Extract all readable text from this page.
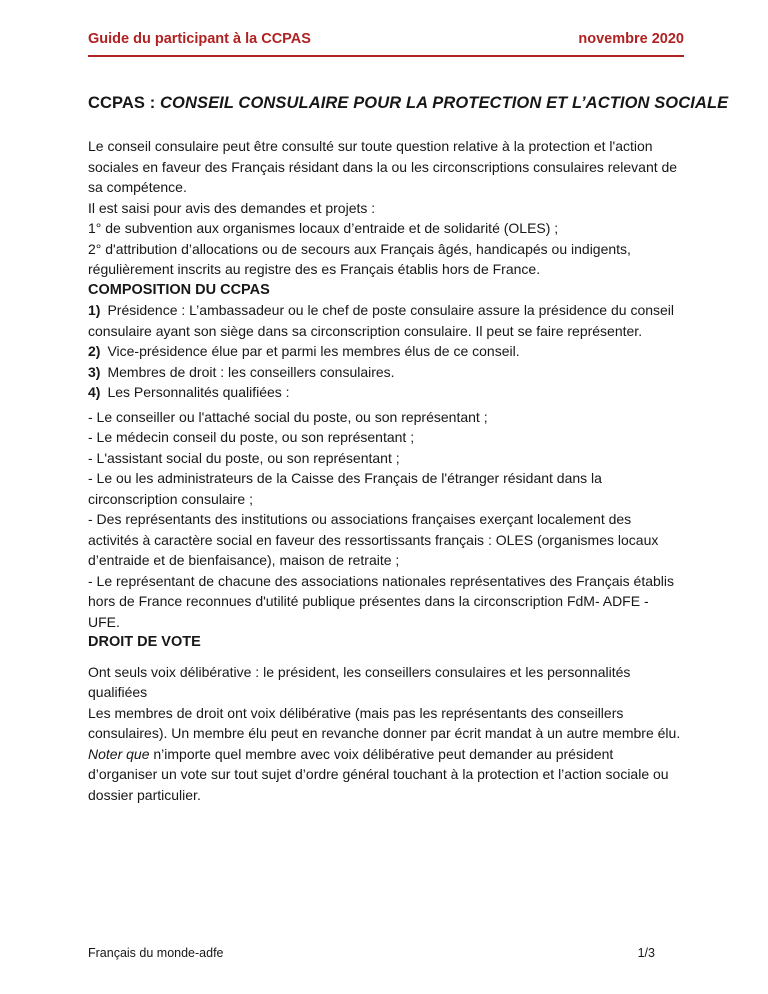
Guide du participant à la CCPAS	novembre 2020
CCPAS : CONSEIL CONSULAIRE POUR LA PROTECTION ET L’ACTION SOCIALE

Le conseil consulaire peut être consulté sur toute question relative à la protection et l'action sociales en faveur des Français résidant dans la ou les circonscriptions consulaires relevant de sa compétence.

Il est saisi pour avis des demandes et projets :

1° de subvention aux organismes locaux d’entraide et de solidarité (OLES) ;

2° d'attribution d’allocations ou de secours aux Français âgés, handicapés ou indigents, régulièrement inscrits au registre des es Français établis hors de France.

COMPOSITION DU CCPAS

1) Présidence : L’ambassadeur ou le chef de poste consulaire assure la présidence du conseil consulaire ayant son siège dans sa circonscription consulaire. Il peut se faire représenter.

2) Vice-présidence élue par et parmi les membres élus de ce conseil.

3) Membres de droit : les conseillers consulaires.

4) Les Personnalités qualifiées :

- Le conseiller ou l'attaché social du poste, ou son représentant ;

- Le médecin conseil du poste, ou son représentant ;

- L'assistant social du poste, ou son représentant ;

- Le ou les administrateurs de la Caisse des Français de l'étranger résidant dans la circonscription consulaire ;

- Des représentants des institutions ou associations françaises exerçant localement des activités à caractère social en faveur des ressortissants français : OLES (organismes locaux d’entraide et de bienfaisance), maison de retraite ;

- Le représentant de chacune des associations nationales représentatives des Français établis hors de France reconnues d'utilité publique présentes dans la circonscription FdM- ADFE - UFE.

DROIT DE VOTE

Ont seuls voix délibérative : le président, les conseillers consulaires et les personnalités qualifiées

Les membres de droit ont voix délibérative (mais pas les représentants des conseillers consulaires). Un membre élu peut en revanche donner par écrit mandat à un autre membre élu.

Noter que n’importe quel membre avec voix délibérative peut demander au président d’organiser un vote sur tout sujet d’ordre général touchant à la protection et l’action sociale ou dossier particulier.

Français du monde-adfe	1/3
